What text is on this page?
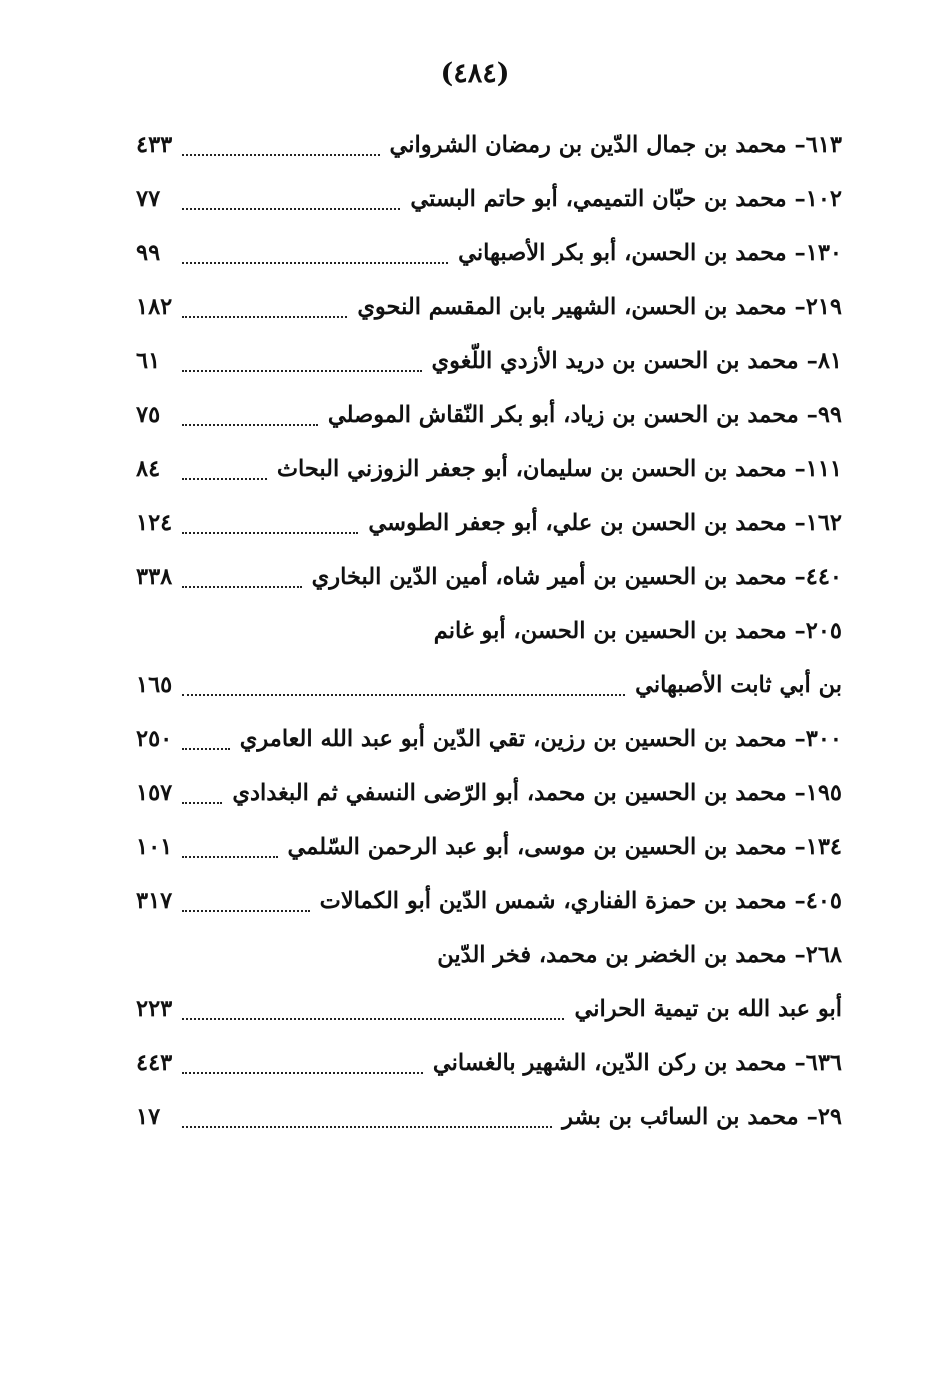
(٤٨٤)
٦١٣– محمد بن جمال الدّين بن رمضان الشرواني
٤٣٣
١٠٢– محمد بن حبّان التميمي، أبو حاتم البستي
٧٧
١٣٠– محمد بن الحسن، أبو بكر الأصبهاني
٩٩
٢١٩– محمد بن الحسن، الشهير بابن المقسم النحوي
١٨٢
٨١– محمد بن الحسن بن دريد الأزدي اللّغوي
٦١
٩٩– محمد بن الحسن بن زياد، أبو بكر النّقاش الموصلي
٧٥
١١١– محمد بن الحسن بن سليمان، أبو جعفر الزوزني البحاث
٨٤
١٦٢– محمد بن الحسن بن علي، أبو جعفر الطوسي
١٢٤
٤٤٠– محمد بن الحسين بن أمير شاه، أمين الدّين البخاري
٣٣٨
٢٠٥– محمد بن الحسين بن الحسن، أبو غانم
بن أبي ثابت الأصبهاني
١٦٥
٣٠٠– محمد بن الحسين بن رزين، تقي الدّين أبو عبد الله العامري
٢٥٠
١٩٥– محمد بن الحسين بن محمد، أبو الرّضى النسفي ثم البغدادي
١٥٧
١٣٤– محمد بن الحسين بن موسى، أبو عبد الرحمن السّلمي
١٠١
٤٠٥– محمد بن حمزة الفناري، شمس الدّين أبو الكمالات
٣١٧
٢٦٨– محمد بن الخضر بن محمد، فخر الدّين
أبو عبد الله بن تيمية الحراني
٢٢٣
٦٣٦– محمد بن ركن الدّين، الشهير بالغساني
٤٤٣
٢٩– محمد بن السائب بن بشر
١٧
